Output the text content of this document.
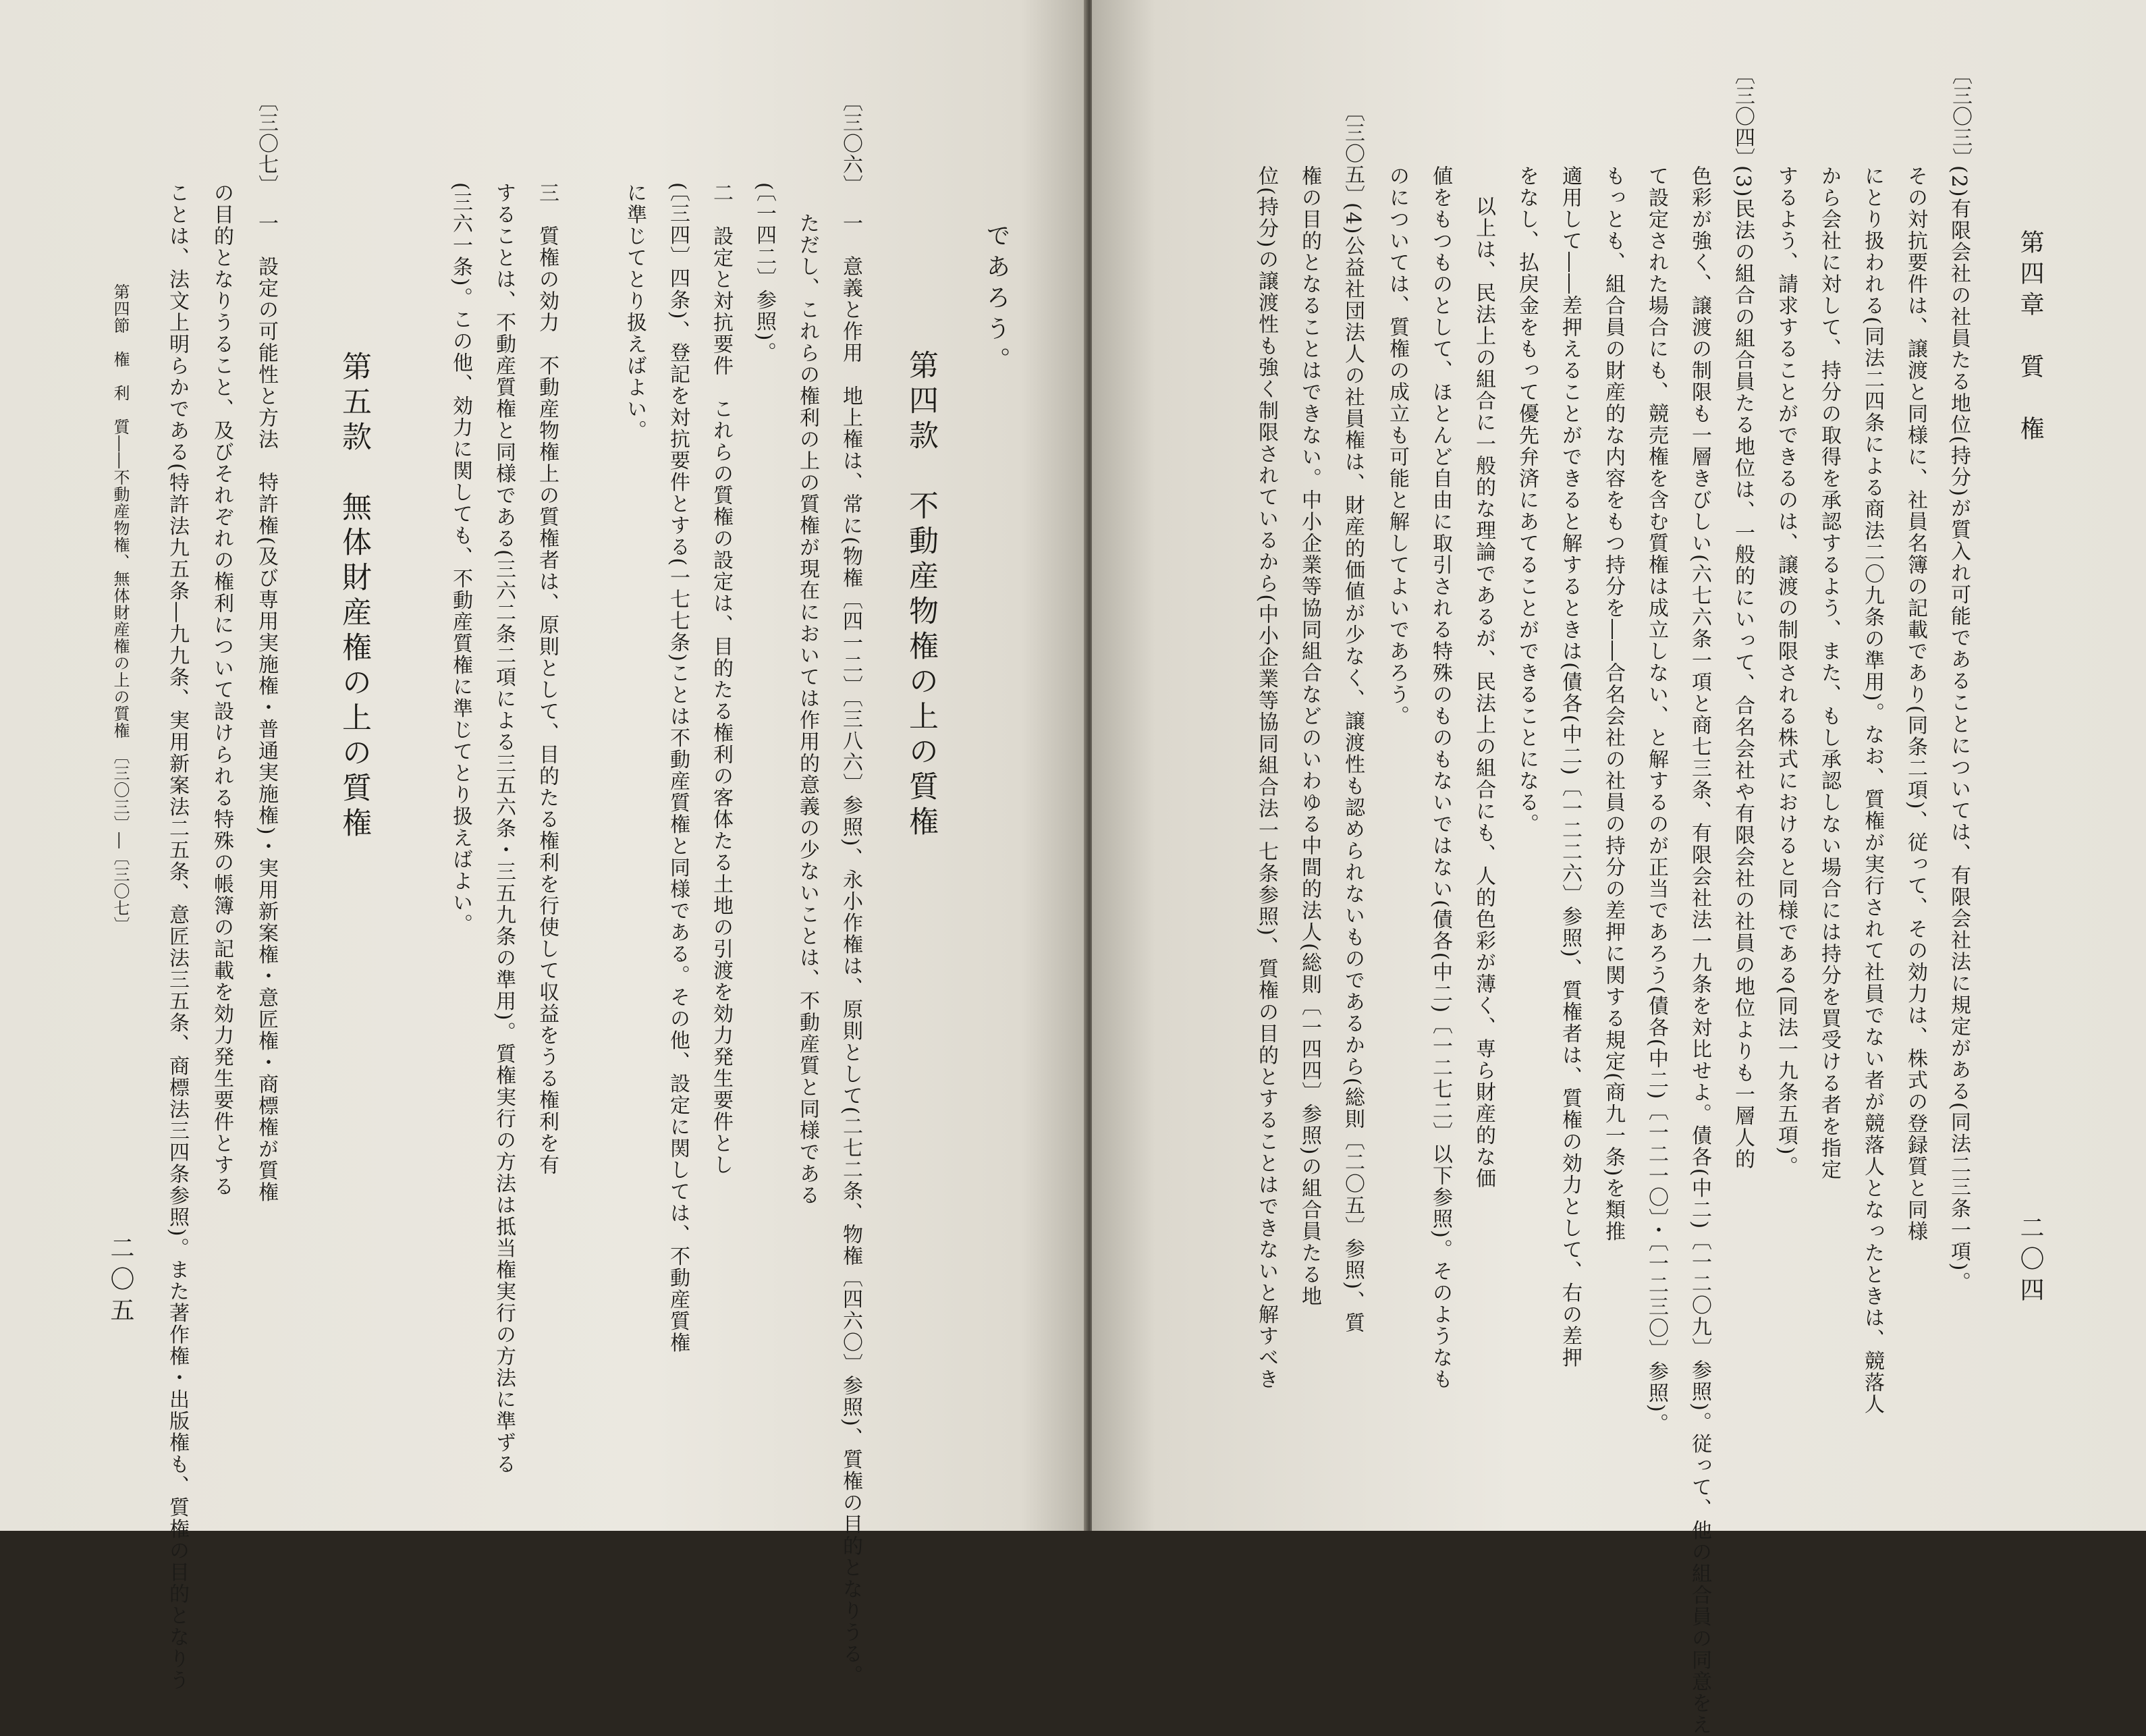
であろう。
第四款　不動産物権の上の質権
〔三〇六〕
一　意義と作用　地上権は、常に(物権〔四一二〕〔三八六〕参照)、永小作権は、原則として(二七二条、物権〔四六〇〕参照)、質権の目的となりうる。
ただし、これらの権利の上の質権が現在においては作用的意義の少ないことは、不動産質と同様である
(〔一四二〕参照)。
二　設定と対抗要件　これらの質権の設定は、目的たる権利の客体たる土地の引渡を効力発生要件とし
(〔三四〕四条)、登記を対抗要件とする(一七七条)ことは不動産質権と同様である。その他、設定に関しては、不動産質権
に準じてとり扱えばよい。
三　質権の効力　不動産物権上の質権者は、原則として、目的たる権利を行使して収益をうる権利を有
することは、不動産質権と同様である(三六二条二項による三五六条・三五九条の準用)。質権実行の方法は抵当権実行の方法に準ずる
(三六一条)。この他、効力に関しても、不動産質権に準じてとり扱えばよい。
第五款　無体財産権の上の質権
〔三〇七〕
一　設定の可能性と方法　特許権(及び専用実施権・普通実施権)・実用新案権・意匠権・商標権が質権
の目的となりうること、及びそれぞれの権利について設けられる特殊の帳簿の記載を効力発生要件とする
ことは、法文上明らかである(特許法九五条―九九条、実用新案法二五条、意匠法三五条、商標法三四条参照)。また著作権・出版権も、質権の目的となりう
第四節　権　利　質――不動産物権、無体財産権の上の質権　〔三〇三〕―〔三〇七〕
二〇五	二〇四
第四章　質　権
〔三〇三〕
(2)有限会社の社員たる地位(持分)が質入れ可能であることについては、有限会社法に規定がある(同法二三条一項)。
その対抗要件は、譲渡と同様に、社員名簿の記載であり(同条二項)、従って、その効力は、株式の登録質と同様
にとり扱われる(同法二四条による商法二〇九条の準用)。なお、質権が実行されて社員でない者が競落人となったときは、競落人
から会社に対して、持分の取得を承認するよう、また、もし承認しない場合には持分を買受ける者を指定
するよう、請求することができるのは、譲渡の制限される株式におけると同様である(同法一九条五項)。
〔三〇四〕
(3)民法の組合の組合員たる地位は、一般的にいって、合名会社や有限会社の社員の地位よりも一層人的
色彩が強く、譲渡の制限も一層きびしい(六七六条一項と商七三条、有限会社法一九条を対比せよ。債各(中二)〔一二〇九〕参照)。従って、他の組合員の同意をえ
て設定された場合にも、競売権を含む質権は成立しない、と解するのが正当であろう(債各(中二)〔一二一〇〕・〔一二三〇〕参照)。
もっとも、組合員の財産的な内容をもつ持分を――合名会社の社員の持分の差押に関する規定(商九一条)を類推
適用して――差押えることができると解するときは(債各(中二)〔一二二六〕参照)、質権者は、質権の効力として、右の差押
をなし、払戻金をもって優先弁済にあてることができることになる。
以上は、民法上の組合に一般的な理論であるが、民法上の組合にも、人的色彩が薄く、専ら財産的な価
値をもつものとして、ほとんど自由に取引される特殊のものもないではない(債各(中二)〔一二七二〕以下参照)。そのようなも
のについては、質権の成立も可能と解してよいであろう。
〔三〇五〕
(4)公益社団法人の社員権は、財産的価値が少なく、譲渡性も認められないものであるから(総則〔二〇五〕参照)、質
権の目的となることはできない。中小企業等協同組合などのいわゆる中間的法人(総則〔一四四〕参照)の組合員たる地
位(持分)の譲渡性も強く制限されているから(中小企業等協同組合法一七条参照)、質権の目的とすることはできないと解すべき
